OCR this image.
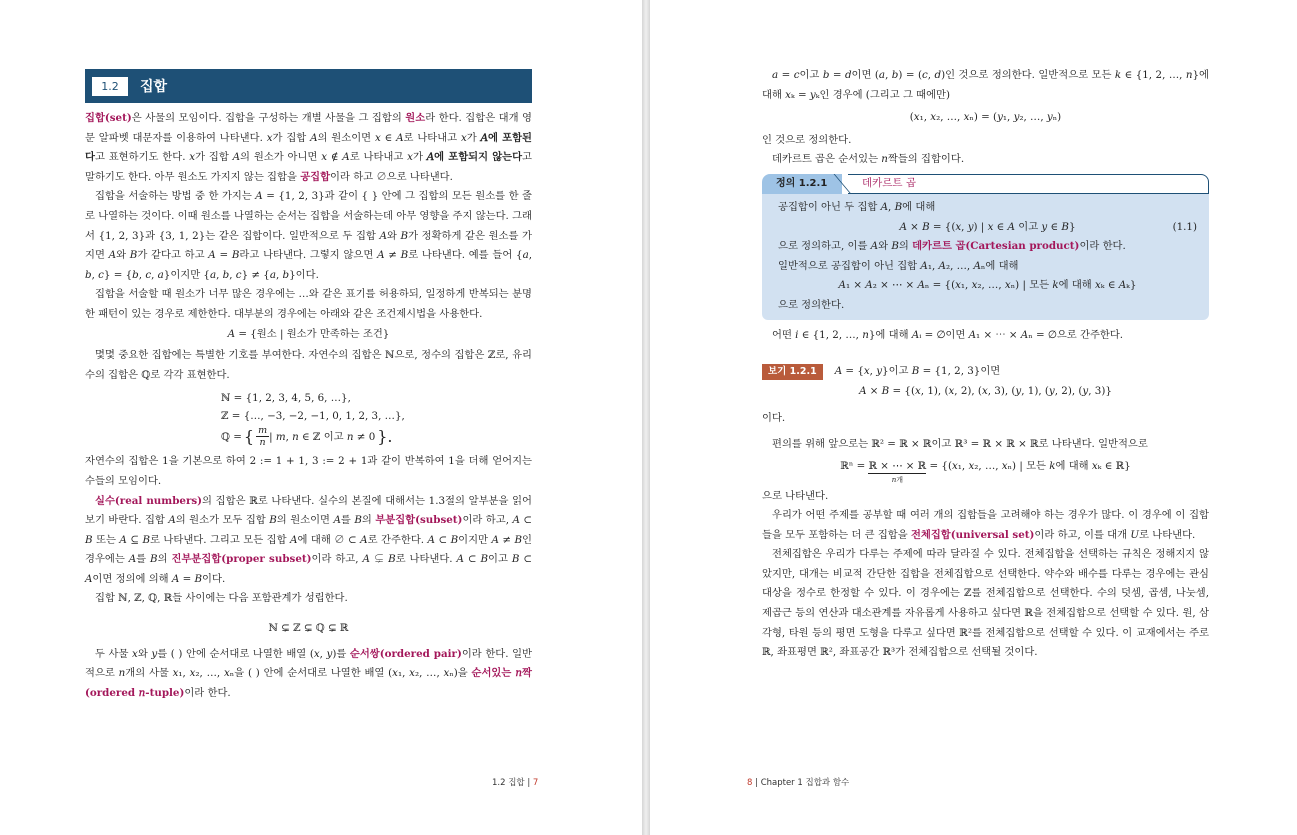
1.2	집합

집합(set)은 사물의 모임이다. 집합을 구성하는 개별 사물을 그 집합의 원소라 한다. 집합은 대개 영문 알파벳 대문자를 이용하여 나타낸다. 𝑥가 집합 𝐴의 원소이면 𝑥 ∈ 𝐴로 나타내고 𝑥가 𝐴에 포함된다고 표현하기도 한다. 𝑥가 집합 𝐴의 원소가 아니면 𝑥 ∉ 𝐴로 나타내고 𝑥가 𝐴에 포함되지 않는다고 말하기도 한다. 아무 원소도 가지지 않는 집합을 공집합이라 하고 ∅으로 나타낸다.

집합을 서술하는 방법 중 한 가지는 𝐴 = {1, 2, 3}과 같이 { } 안에 그 집합의 모든 원소를 한 줄로 나열하는 것이다. 이때 원소를 나열하는 순서는 집합을 서술하는데 아무 영향을 주지 않는다. 그래서 {1, 2, 3}과 {3, 1, 2}는 같은 집합이다. 일반적으로 두 집합 𝐴와 𝐵가 정확하게 같은 원소를 가지면 𝐴와 𝐵가 같다고 하고 𝐴 = 𝐵라고 나타낸다. 그렇지 않으면 𝐴 ≠ 𝐵로 나타낸다. 예를 들어 {𝑎, 𝑏, 𝑐} = {𝑏, 𝑐, 𝑎}이지만 {𝑎, 𝑏, 𝑐} ≠ {𝑎, 𝑏}이다.

집합을 서술할 때 원소가 너무 많은 경우에는 …와 같은 표기를 허용하되, 일정하게 반복되는 분명한 패턴이 있는 경우로 제한한다. 대부분의 경우에는 아래와 같은 조건제시법을 사용한다.

𝐴 = {원소 | 원소가 만족하는 조건}

몇몇 중요한 집합에는 특별한 기호를 부여한다. 자연수의 집합은 ℕ으로, 정수의 집합은 ℤ로, 유리수의 집합은 ℚ로 각각 표현한다.

ℕ = {1, 2, 3, 4, 5, 6, …},
ℤ = {…, −3, −2, −1, 0, 1, 2, 3, …},
ℚ = { 𝑚
𝑛 | 𝑚, 𝑛 ∈ ℤ 이고 𝑛 ≠ 0 }.

자연수의 집합은 1을 기본으로 하여 2 := 1 + 1, 3 := 2 + 1과 같이 반복하여 1을 더해 얻어지는 수들의 모임이다.

실수(real numbers)의 집합은 ℝ로 나타낸다. 실수의 본질에 대해서는 1.3절의 알부분을 읽어보기 바란다. 집합 𝐴의 원소가 모두 집합 𝐵의 원소이면 𝐴를 𝐵의 부분집합(subset)이라 하고, 𝐴 ⊂ 𝐵 또는 𝐴 ⊆ 𝐵로 나타낸다. 그리고 모든 집합 𝐴에 대해 ∅ ⊂ 𝐴로 간주한다. 𝐴 ⊂ 𝐵이지만 𝐴 ≠ 𝐵인 경우에는 𝐴를 𝐵의 진부분집합(proper subset)이라 하고, 𝐴 ⊊ 𝐵로 나타낸다. 𝐴 ⊂ 𝐵이고 𝐵 ⊂ 𝐴이면 정의에 의해 𝐴 = 𝐵이다.

집합 ℕ, ℤ, ℚ, ℝ들 사이에는 다음 포함관계가 성립한다.

ℕ ⊊ ℤ ⊊ ℚ ⊊ ℝ

두 사물 𝑥와 𝑦를 ( ) 안에 순서대로 나열한 배열 (𝑥, 𝑦)를 순서쌍(ordered pair)이라 한다. 일반적으로 𝑛개의 사물 𝑥₁, 𝑥₂, …, 𝑥ₙ을 ( ) 안에 순서대로 나열한 배열 (𝑥₁, 𝑥₂, …, 𝑥ₙ)을 순서있는 𝑛짝(ordered 𝑛-tuple)이라 한다.

1.2 집합 | 7

𝑎 = 𝑐이고 𝑏 = 𝑑이면 (𝑎, 𝑏) = (𝑐, 𝑑)인 것으로 정의한다. 일반적으로 모든 𝑘 ∈ {1, 2, …, 𝑛}에 대해 𝑥ₖ = 𝑦ₖ인 경우에 (그리고 그 때에만)

(𝑥₁, 𝑥₂, …, 𝑥ₙ) = (𝑦₁, 𝑦₂, …, 𝑦ₙ)

인 것으로 정의한다.

데카르트 곱은 순서있는 𝑛짝들의 집합이다.

정의 1.2.1	데카르트 곱
공집합이 아닌 두 집합 𝐴, 𝐵에 대해
𝐴 × 𝐵 = {(𝑥, 𝑦) | 𝑥 ∈ 𝐴 이고 𝑦 ∈ 𝐵}	(1.1)
으로 정의하고, 이를 𝐴와 𝐵의 데카르트 곱(Cartesian product)이라 한다.
일반적으로 공집합이 아닌 집합 𝐴₁, 𝐴₂, …, 𝐴ₙ에 대해
𝐴₁ × 𝐴₂ × ⋯ × 𝐴ₙ = {(𝑥₁, 𝑥₂, …, 𝑥ₙ) | 모든 𝑘에 대해 𝑥ₖ ∈ 𝐴ₖ}
으로 정의한다.

어떤 𝑖 ∈ {1, 2, …, 𝑛}에 대해 𝐴ᵢ = ∅이면 𝐴₁ × ⋯ × 𝐴ₙ = ∅으로 간주한다.

보기 1.2.1 𝐴 = {𝑥, 𝑦}이고 𝐵 = {1, 2, 3}이면
𝐴 × 𝐵 = {(𝑥, 1), (𝑥, 2), (𝑥, 3), (𝑦, 1), (𝑦, 2), (𝑦, 3)}

이다.

편의를 위해 앞으로는 ℝ² = ℝ × ℝ이고 ℝ³ = ℝ × ℝ × ℝ로 나타낸다. 일반적으로

ℝⁿ = ℝ × ⋯ × ℝ
𝑛개
= {(𝑥₁, 𝑥₂, …, 𝑥ₙ) | 모든 𝑘에 대해 𝑥ₖ ∈ ℝ}

으로 나타낸다.

우리가 어떤 주제를 공부할 때 여러 개의 집합들을 고려해야 하는 경우가 많다. 이 경우에 이 집합들을 모두 포함하는 더 큰 집합을 전체집합(universal set)이라 하고, 이를 대개 𝑈로 나타낸다.

전체집합은 우리가 다루는 주제에 따라 달라질 수 있다. 전체집합을 선택하는 규칙은 정해지지 않았지만, 대개는 비교적 간단한 집합을 전체집합으로 선택한다. 약수와 배수를 다루는 경우에는 관심 대상을 정수로 한정할 수 있다. 이 경우에는 ℤ를 전체집합으로 선택한다. 수의 덧셈, 곱셈, 나눗셈, 제곱근 등의 연산과 대소관계를 자유롭게 사용하고 싶다면 ℝ을 전체집합으로 선택할 수 있다. 원, 삼각형, 타원 등의 평면 도형을 다루고 싶다면 ℝ²를 전체집합으로 선택할 수 있다. 이 교재에서는 주로 ℝ, 좌표평면 ℝ², 좌표공간 ℝ³가 전체집합으로 선택될 것이다.

8 | Chapter 1 집합과 함수
